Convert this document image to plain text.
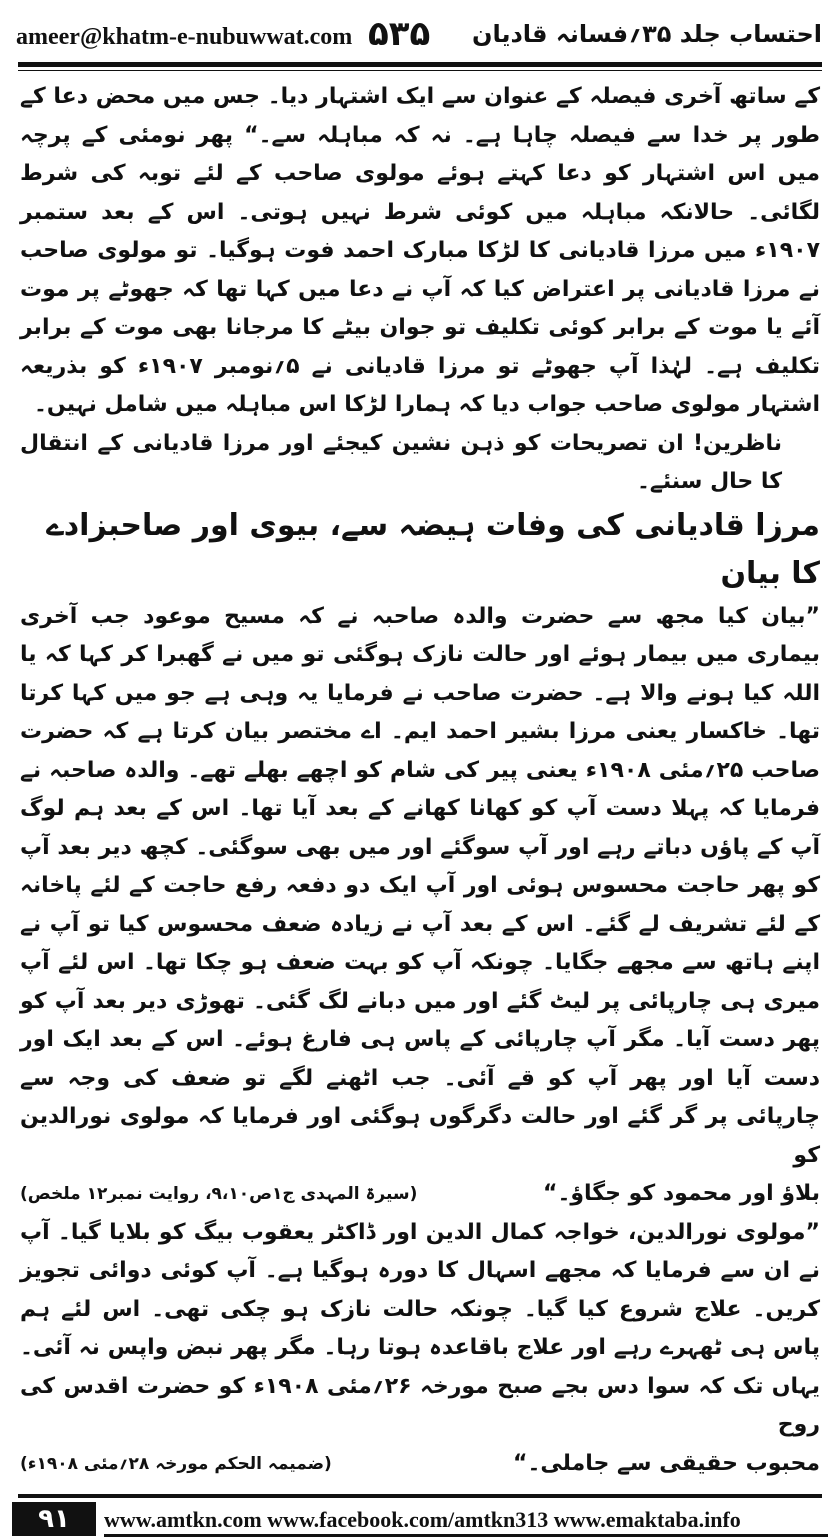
ameer@khatm-e-nubuwwat.com ۵۳۵ احتساب جلد ۳۵؍فسانہ قادیان

کے ساتھ آخری فیصلہ کے عنوان سے ایک اشتہار دیا۔ جس میں محض دعا کے طور پر خدا سے فیصلہ چاہا ہے۔ نہ کہ مباہلہ سے۔“ پھر نومئی کے پرچہ میں اس اشتہار کو دعا کہتے ہوئے مولوی صاحب کے لئے توبہ کی شرط لگائی۔ حالانکہ مباہلہ میں کوئی شرط نہیں ہوتی۔ اس کے بعد ستمبر ۱۹۰۷ء میں مرزا قادیانی کا لڑکا مبارک احمد فوت ہوگیا۔ تو مولوی صاحب نے مرزا قادیانی پر اعتراض کیا کہ آپ نے دعا میں کہا تھا کہ جھوٹے پر موت آئے یا موت کے برابر کوئی تکلیف تو جوان بیٹے کا مرجانا بھی موت کے برابر تکلیف ہے۔ لہٰذا آپ جھوٹے تو مرزا قادیانی نے ۵؍نومبر ۱۹۰۷ء کو بذریعہ اشتہار مولوی صاحب جواب دیا کہ ہمارا لڑکا اس مباہلہ میں شامل نہیں۔

ناظرین! ان تصریحات کو ذہن نشین کیجئے اور مرزا قادیانی کے انتقال کا حال سنئے۔

مرزا قادیانی کی وفات ہیضہ سے، بیوی اور صاحبزادے کا بیان

”بیان کیا مجھ سے حضرت والدہ صاحبہ نے کہ مسیح موعود جب آخری بیماری میں بیمار ہوئے اور حالت نازک ہوگئی تو میں نے گھبرا کر کہا کہ یا اللہ کیا ہونے والا ہے۔ حضرت صاحب نے فرمایا یہ وہی ہے جو میں کہا کرتا تھا۔ خاکسار یعنی مرزا بشیر احمد ایم۔ اے مختصر بیان کرتا ہے کہ حضرت صاحب ۲۵؍مئی ۱۹۰۸ء یعنی پیر کی شام کو اچھے بھلے تھے۔ والدہ صاحبہ نے فرمایا کہ پہلا دست آپ کو کھانا کھانے کے بعد آیا تھا۔ اس کے بعد ہم لوگ آپ کے پاؤں دباتے رہے اور آپ سوگئے اور میں بھی سوگئی۔ کچھ دیر بعد آپ کو پھر حاجت محسوس ہوئی اور آپ ایک دو دفعہ رفع حاجت کے لئے پاخانہ کے لئے تشریف لے گئے۔ اس کے بعد آپ نے زیادہ ضعف محسوس کیا تو آپ نے اپنے ہاتھ سے مجھے جگایا۔ چونکہ آپ کو بہت ضعف ہو چکا تھا۔ اس لئے آپ میری ہی چارپائی پر لیٹ گئے اور میں دبانے لگ گئی۔ تھوڑی دیر بعد آپ کو پھر دست آیا۔ مگر آپ چارپائی کے پاس ہی فارغ ہوئے۔ اس کے بعد ایک اور دست آیا اور پھر آپ کو قے آئی۔ جب اٹھنے لگے تو ضعف کی وجہ سے چارپائی پر گر گئے اور حالت دگرگوں ہوگئی اور فرمایا کہ مولوی نورالدین کو

بلاؤ اور محمود کو جگاؤ۔“
(سیرۃ المہدی ج۱ص۹،۱۰، روایت نمبر۱۲ ملخص)

”مولوی نورالدین، خواجہ کمال الدین اور ڈاکٹر یعقوب بیگ کو بلایا گیا۔ آپ نے ان سے فرمایا کہ مجھے اسہال کا دورہ ہوگیا ہے۔ آپ کوئی دوائی تجویز کریں۔ علاج شروع کیا گیا۔ چونکہ حالت نازک ہو چکی تھی۔ اس لئے ہم پاس ہی ٹھہرے رہے اور علاج باقاعدہ ہوتا رہا۔ مگر پھر نبض واپس نہ آئی۔ یہاں تک کہ سوا دس بجے صبح مورخہ ۲۶؍مئی ۱۹۰۸ء کو حضرت اقدس کی روح

محبوب حقیقی سے جاملی۔“
(ضمیمہ الحکم مورخہ ۲۸؍مئی ۱۹۰۸ء)
۹۱	www.amtkn.com www.facebook.com/amtkn313 www.emaktaba.info
